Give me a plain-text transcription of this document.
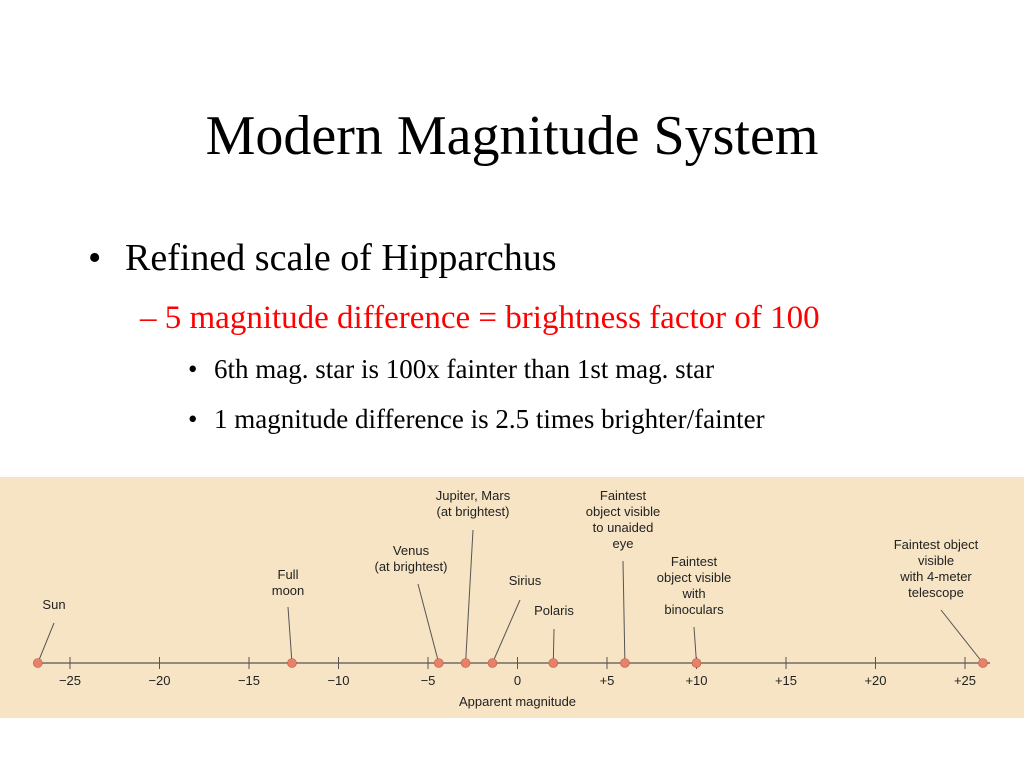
Modern Magnitude System
• Refined scale of Hipparchus
– 5 magnitude difference = brightness factor of 100
• 6th mag. star is 100x fainter than 1st mag. star
• 1 magnitude difference is 2.5 times brighter/fainter
−25	−20	−15	−10	−5	0	+5	+10	+15	+20	+25
Apparent magnitude
Sun
Full
moon
Venus
(at brightest)
Jupiter, Mars
(at brightest)
Sirius
Polaris
Faintest
object visible
to unaided
eye
Faintest
object visible
with
binoculars
Faintest object
visible
with 4-meter
telescope
